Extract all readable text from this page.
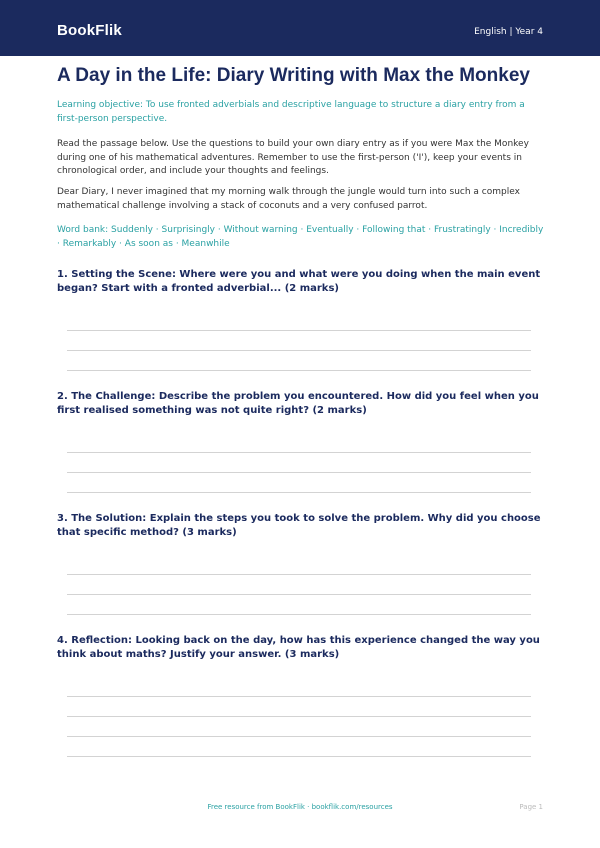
BookFlik	English | Year 4
A Day in the Life: Diary Writing with Max the Monkey
Learning objective: To use fronted adverbials and descriptive language to structure a diary entry from a first-person perspective.
Read the passage below. Use the questions to build your own diary entry as if you were Max the Monkey during one of his mathematical adventures. Remember to use the first-person ('I'), keep your events in chronological order, and include your thoughts and feelings.
Dear Diary, I never imagined that my morning walk through the jungle would turn into such a complex mathematical challenge involving a stack of coconuts and a very confused parrot.
Word bank: Suddenly · Surprisingly · Without warning · Eventually · Following that · Frustratingly · Incredibly · Remarkably · As soon as · Meanwhile
1. Setting the Scene: Where were you and what were you doing when the main event began? Start with a fronted adverbial... (2 marks)
2. The Challenge: Describe the problem you encountered. How did you feel when you first realised something was not quite right? (2 marks)
3. The Solution: Explain the steps you took to solve the problem. Why did you choose that specific method? (3 marks)
4. Reflection: Looking back on the day, how has this experience changed the way you think about maths? Justify your answer. (3 marks)
Free resource from BookFlik · bookflik.com/resources	Page 1
